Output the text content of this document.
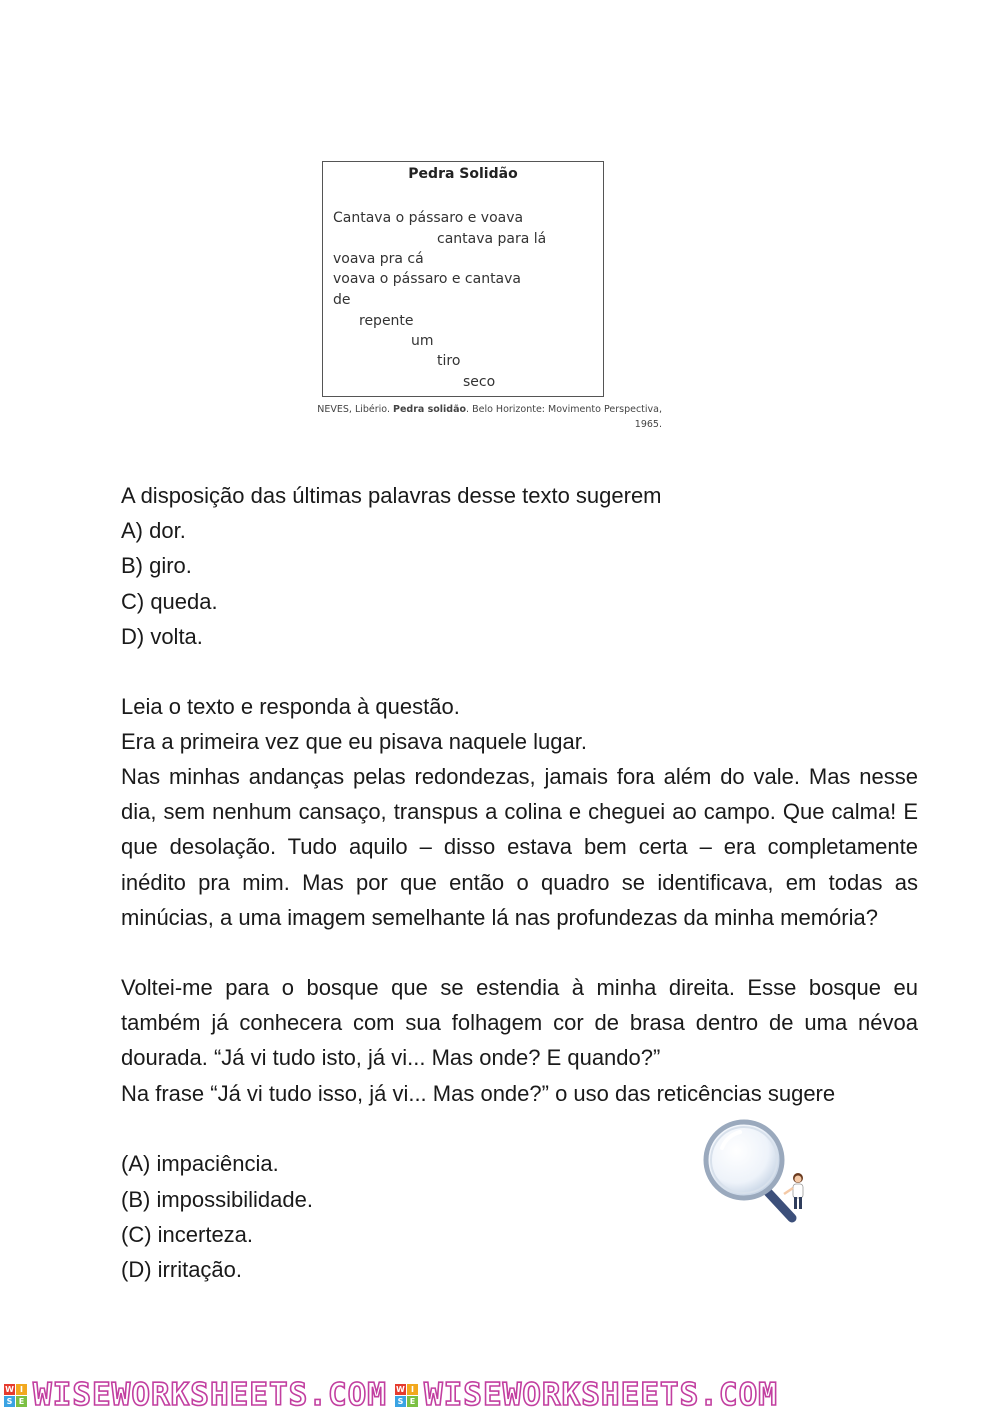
Pedra Solidão
Cantava o pássaro e voava
cantava para lá
voava pra cá
voava o pássaro e cantava
de
repente
um
tiro
seco
NEVES, Libério. Pedra solidão. Belo Horizonte: Movimento Perspectiva,
1965.
A disposição das últimas palavras desse texto sugerem
A) dor.
B) giro.
C) queda.
D) volta.
Leia o texto e responda à questão.
Era a primeira vez que eu pisava naquele lugar.
Nas minhas andanças pelas redondezas, jamais fora além do vale. Mas nesse dia, sem nenhum cansaço, transpus a colina e cheguei ao campo. Que calma! E que desolação. Tudo aquilo – disso estava bem certa – era completamente inédito pra mim. Mas por que então o quadro se identificava, em todas as minúcias, a uma imagem semelhante lá nas profundezas da minha memória?
Voltei-me para o bosque que se estendia à minha direita. Esse bosque eu também já conhecera com sua folhagem cor de brasa dentro de uma névoa dourada. “Já vi tudo isto, já vi... Mas onde? E quando?”
Na frase “Já vi tudo isso, já vi... Mas onde?” o uso das reticências sugere
(A) impaciência.
(B) impossibilidade.
(C) incerteza.
(D) irritação.
W I
S E WISEWORKSHEETS.COM W I
S E WISEWORKSHEETS.COM
